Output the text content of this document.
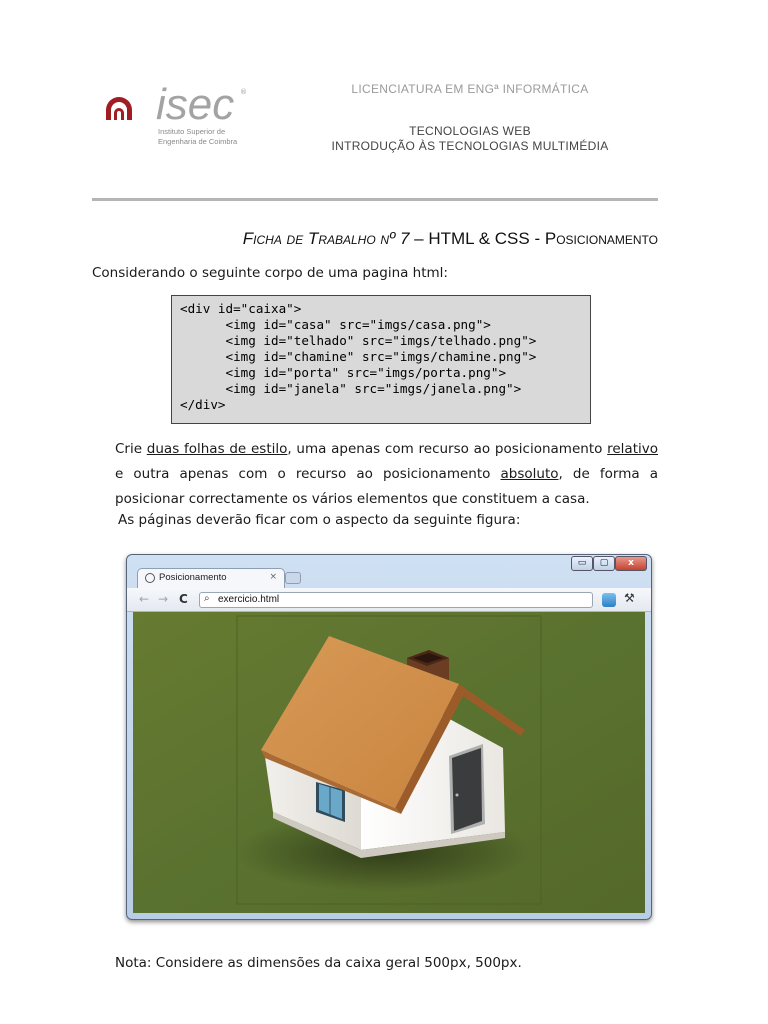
isec ®
Instituto Superior de
Engenharia de Coimbra
LICENCIATURA EM ENGª INFORMÁTICA
TECNOLOGIAS WEB
INTRODUÇÃO ÀS TECNOLOGIAS MULTIMÉDIA
Ficha de Trabalho nº 7 – HTML & CSS - Posicionamento
Considerando o seguinte corpo de uma pagina html:
<div id="caixa">
<img id="casa" src="imgs/casa.png">
<img id="telhado" src="imgs/telhado.png">
<img id="chamine" src="imgs/chamine.png">
<img id="porta" src="imgs/porta.png">
<img id="janela" src="imgs/janela.png">
</div>
Crie duas folhas de estilo, uma apenas com recurso ao posicionamento relativo e outra apenas com o recurso ao posicionamento absoluto, de forma a posicionar correctamente os vários elementos que constituem a casa.
As páginas deverão ficar com o aspecto da seguinte figura:
▭	▢	x
Posicionamento	×
← → C ⌕ exercicio.html	⚒
Nota: Considere as dimensões da caixa geral 500px, 500px.
